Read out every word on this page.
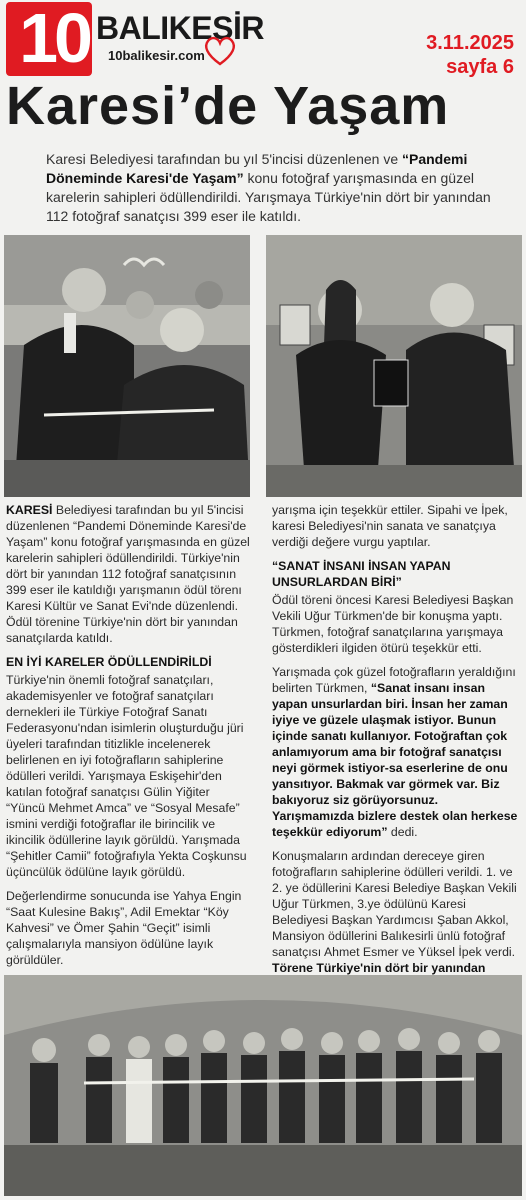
10 BALIKESİR
10balikesir.com
3.11.2025
sayfa 6
Karesi’de Yaşam
Karesi Belediyesi tarafından bu yıl 5'incisi düzenlenen ve “Pandemi Döneminde Karesi'de Yaşam” konu fotoğraf yarışmasında en güzel karelerin sahipleri ödüllendirildi. Yarışmaya Türkiye'nin dört bir yanından 112 fotoğraf sanatçısı 399 eser ile katıldı.

KARESİ Belediyesi tarafından bu yıl 5'incisi düzenlenen “Pandemi Döneminde Karesi'de Yaşam” konu fotoğraf yarışmasında en güzel karelerin sahipleri ödüllendirildi. Türkiye'nin dört bir yanından 112 fotoğraf sanatçısının 399 eser ile katıldığı yarışmanın ödül törenı Karesi Kültür ve Sanat Evi'nde düzenlendi. Ödül törenine Türkiye'nin dört bir yanından sanatçılarda katıldı.

EN İYİ KARELER ÖDÜLLENDİRİLDİ

Türkiye'nin önemli fotoğraf sanatçıları, akademisyenler ve fotoğraf sanatçıları dernekleri ile Türkiye Fotoğraf Sanatı Federasyonu'ndan isimlerin oluşturduğu jüri üyeleri tarafından titizlikle incelenerek belirlenen en iyi fotoğrafların sahiplerine ödülleri verildi. Yarışmaya Eskişehir'den katılan fotoğraf sanatçısı Gülin Yiğiter “Yüncü Mehmet Amca” ve “Sosyal Mesafe” ismini verdiği fotoğraflar ile birincilik ve ikincilik ödüllerine layık görüldü. Yarışmada “Şehitler Camii” fotoğrafıyla Yekta Coşkunsu üçüncülük ödülüne layık görüldü.

Değerlendirme sonucunda ise Yahya Engin “Saat Kulesine Bakış”, Adil Emektar “Köy Kahvesi” ve Ömer Şahin “Geçit” isimli çalışmalarıyla mansiyon ödülüne layık görüldüler.

yarışma için teşekkür ettiler. Sipahi ve İpek, karesi Belediyesi'nin sanata ve sanatçıya verdiği değere vurgu yaptılar.

“SANAT İNSANI İNSAN YAPAN UNSURLARDAN BİRİ”

Ödül töreni öncesi Karesi Belediyesi Başkan Vekili Uğur Türkmen'de bir konuşma yaptı. Türkmen, fotoğraf sanatçılarına yarışmaya gösterdikleri ilgiden ötürü teşekkür etti.

Yarışmada çok güzel fotoğrafların yeraldığını belirten Türkmen, “Sanat insanı insan yapan unsurlardan biri. İnsan her zaman iyiye ve güzele ulaşmak istiyor. Bunun içinde sanatı kullanıyor. Fotoğraftan çok anlamıyorum ama bir fotoğraf sanatçısı neyi görmek istiyor-sa eserlerine de onu yansıtıyor. Bakmak var görmek var. Biz bakıyoruz siz görüyorsunuz. Yarışmamızda bizlere destek olan herkese teşekkür ediyorum” dedi.

Konuşmaların ardından dereceye giren fotoğrafların sahiplerine ödülleri verildi. 1. ve 2. ye ödüllerini Karesi Belediye Başkan Vekili Uğur Türkmen, 3.ye ödülünü Karesi Belediyesi Başkan Yardımcısı Şaban Akkol, Mansiyon ödüllerini Balıkesirli ünlü fotoğraf sanatçısı Ahmet Esmer ve Yüksel İpek verdi. Törene Türkiye'nin dört bir yanından
